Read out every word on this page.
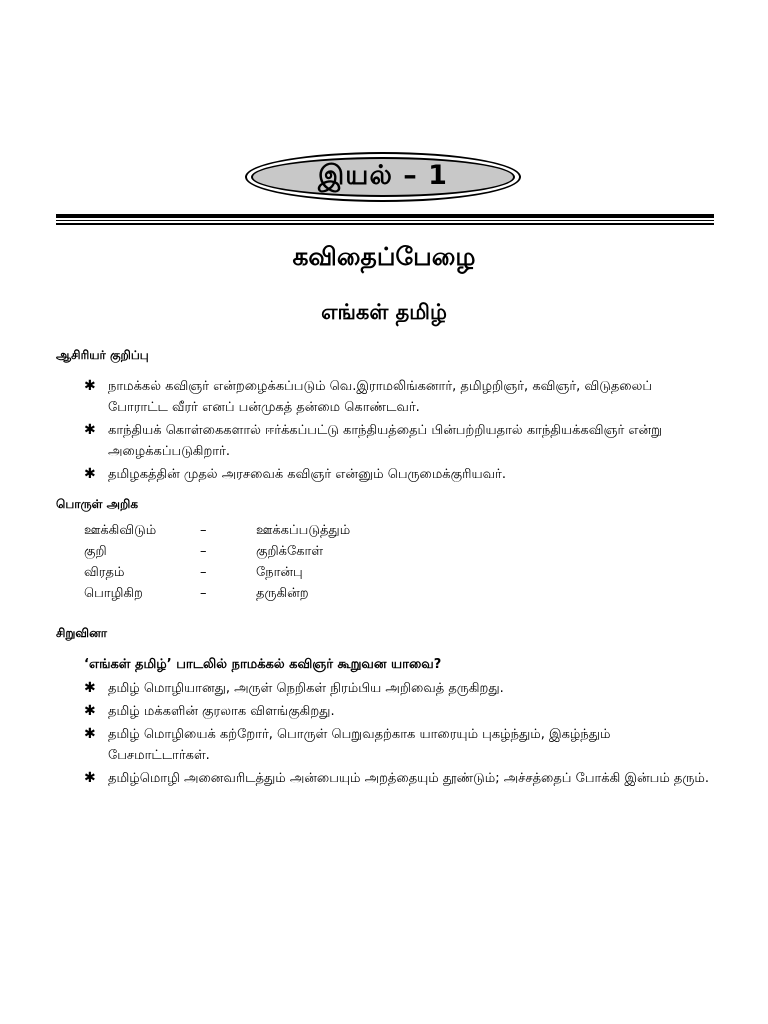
இயல் – 1
கவிதைப்பேழை
எங்கள் தமிழ்
ஆசிரியர் குறிப்பு
✱ நாமக்கல் கவிஞர் என்றழைக்கப்படும் வெ.இராமலிங்கனார், தமிழறிஞர், கவிஞர், விடுதலைப் போராட்ட வீரர் எனப் பன்முகத் தன்மை கொண்டவர்.
✱ காந்தியக் கொள்கைகளால் ஈர்க்கப்பட்டு காந்தியத்தைப் பின்பற்றியதால் காந்தியக்கவிஞர் என்று அழைக்கப்படுகிறார்.
✱ தமிழகத்தின் முதல் அரசவைக் கவிஞர் என்னும் பெருமைக்குரியவர்.
பொருள் அறிக
ஊக்கிவிடும்	–	ஊக்கப்படுத்தும்
குறி	–	குறிக்கோள்
விரதம்	–	நோன்பு
பொழிகிற	–	தருகின்ற
சிறுவினா
‘எங்கள் தமிழ்’ பாடலில் நாமக்கல் கவிஞர் கூறுவன யாவை?
✱ தமிழ் மொழியானது, அருள் நெறிகள் நிரம்பிய அறிவைத் தருகிறது.
✱ தமிழ் மக்களின் குரலாக விளங்குகிறது.
✱ தமிழ் மொழியைக் கற்றோர், பொருள் பெறுவதற்காக யாரையும் புகழ்ந்தும், இகழ்ந்தும் பேசமாட்டார்கள்.
✱ தமிழ்மொழி அனைவரிடத்தும் அன்பையும் அறத்தையும் தூண்டும்; அச்சத்தைப் போக்கி இன்பம் தரும்.
